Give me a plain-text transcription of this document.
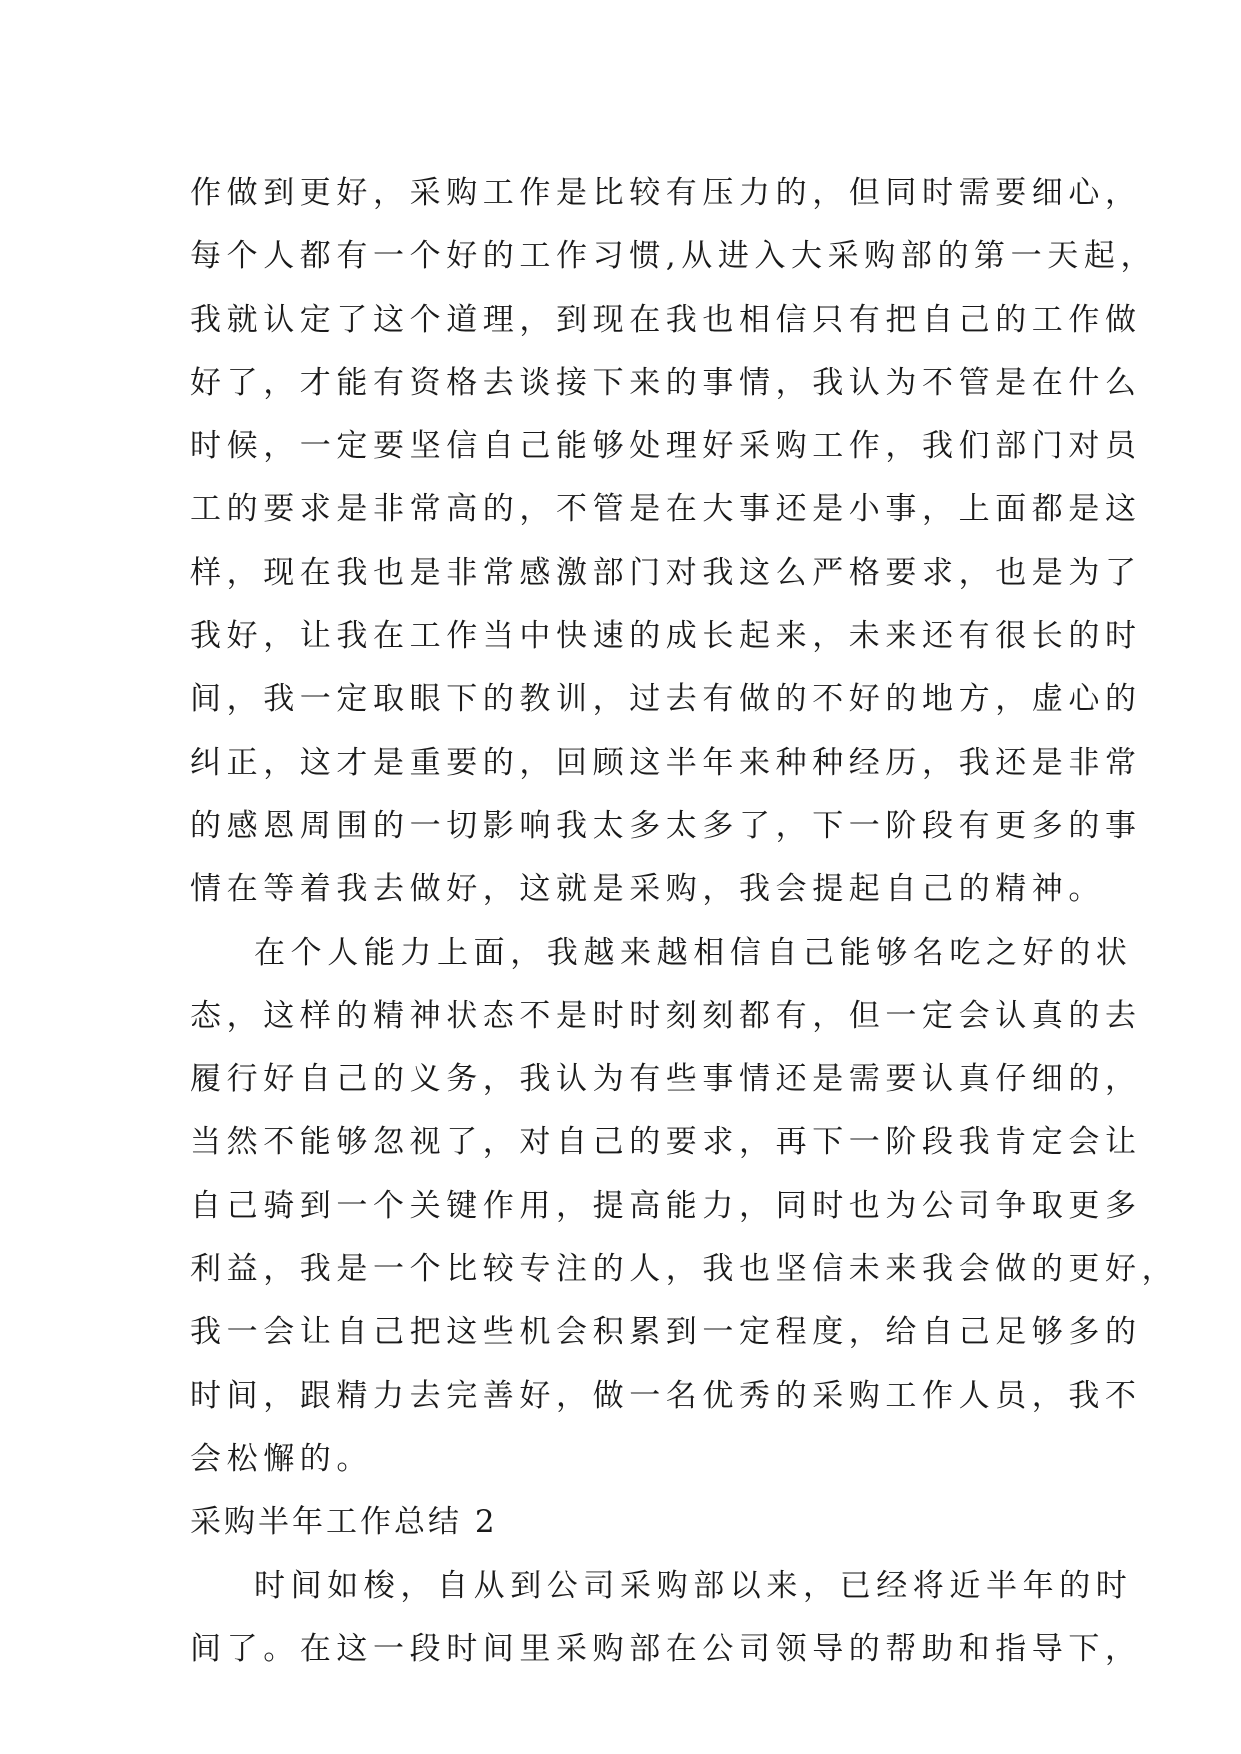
作做到更好，采购工作是比较有压力的，但同时需要细心，
每个人都有一个好的工作习惯,从进入大采购部的第一天起，
我就认定了这个道理，到现在我也相信只有把自己的工作做
好了，才能有资格去谈接下来的事情，我认为不管是在什么
时候，一定要坚信自己能够处理好采购工作，我们部门对员
工的要求是非常高的，不管是在大事还是小事，上面都是这
样，现在我也是非常感激部门对我这么严格要求，也是为了
我好，让我在工作当中快速的成长起来，未来还有很长的时
间，我一定取眼下的教训，过去有做的不好的地方，虚心的
纠正，这才是重要的，回顾这半年来种种经历，我还是非常
的感恩周围的一切影响我太多太多了，下一阶段有更多的事
情在等着我去做好，这就是采购，我会提起自己的精神。
在个人能力上面，我越来越相信自己能够名吃之好的状
态，这样的精神状态不是时时刻刻都有，但一定会认真的去
履行好自己的义务，我认为有些事情还是需要认真仔细的，
当然不能够忽视了，对自己的要求，再下一阶段我肯定会让
自己骑到一个关键作用，提高能力，同时也为公司争取更多
利益，我是一个比较专注的人，我也坚信未来我会做的更好，
我一会让自己把这些机会积累到一定程度，给自己足够多的
时间，跟精力去完善好，做一名优秀的采购工作人员，我不
会松懈的。
采购半年工作总结 2
时间如梭，自从到公司采购部以来，已经将近半年的时
间了。在这一段时间里采购部在公司领导的帮助和指导下，
